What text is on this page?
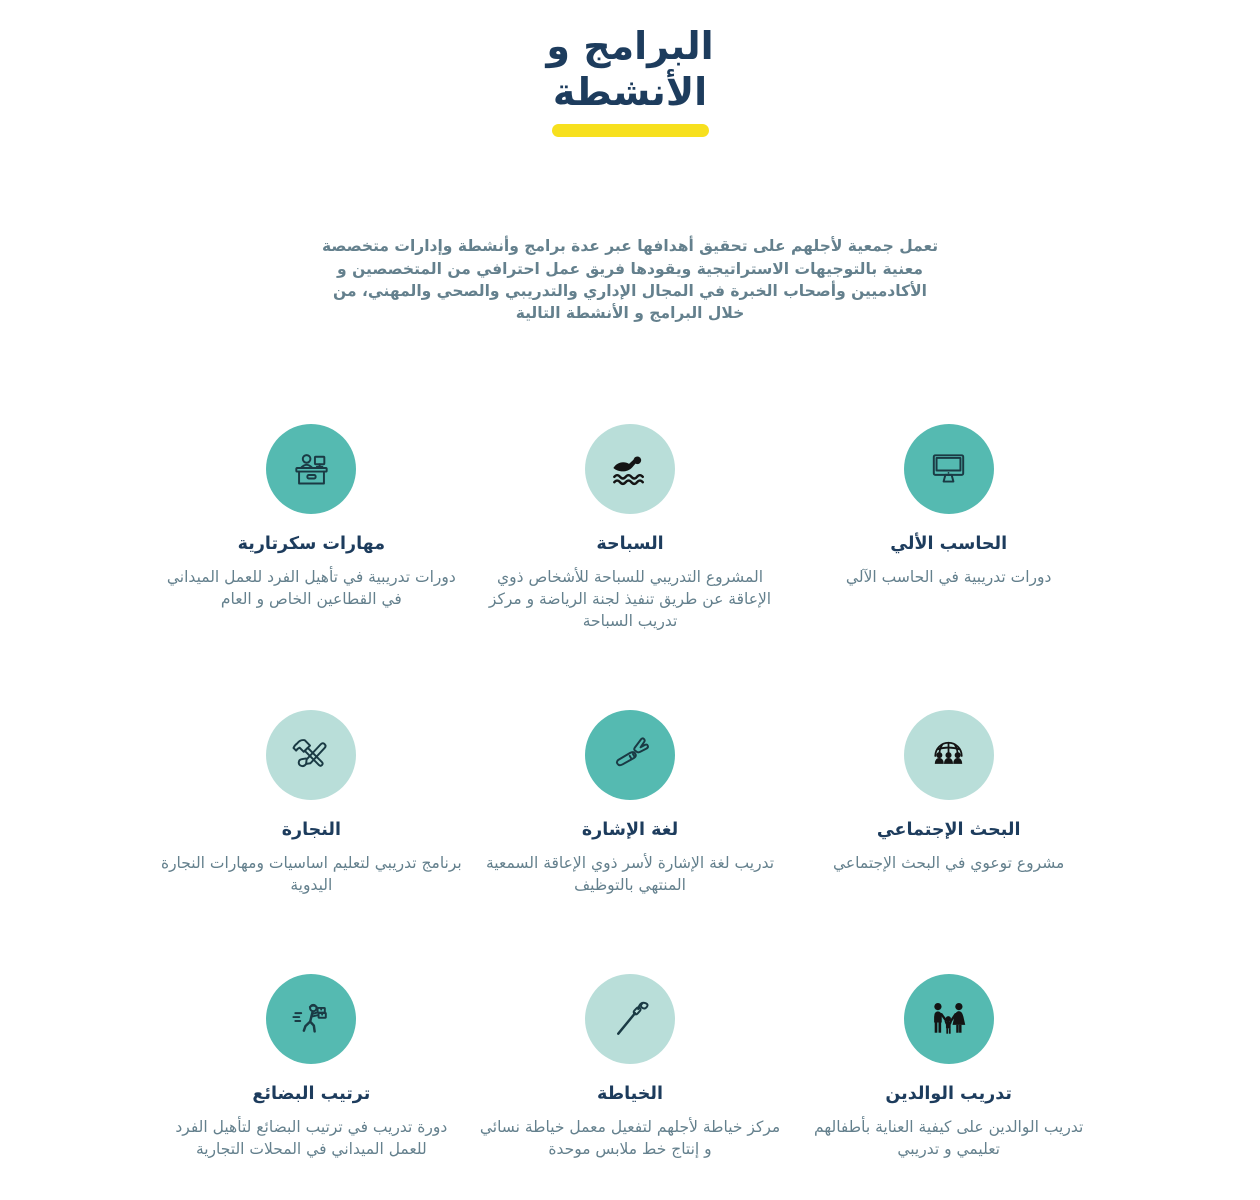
البرامج و
الأنشطة

تعمل جمعية لأجلهم على تحقيق أهدافها عبر عدة برامج وأنشطة وإدارات متخصصة معنية بالتوجيهات الاستراتيجية ويقودها فريق عمل احترافي من المتخصصين و الأكادميين وأصحاب الخبرة في المجال الإداري والتدريبي والصحي والمهني، من خلال البرامج و الأنشطة التالية

الحاسب الألي

دورات تدريبية في الحاسب الآلي

السباحة

المشروع التدريبي للسباحة للأشخاص ذوي الإعاقة عن طريق تنفيذ لجنة الرياضة و مركز تدريب السباحة

مهارات سكرتارية

دورات تدريبية في تأهيل الفرد للعمل الميداني في القطاعين الخاص و العام

البحث الإجتماعي

مشروع توعوي في البحث الإجتماعي

لغة الإشارة

تدريب لغة الإشارة لأسر ذوي الإعاقة السمعية المنتهي بالتوظيف

النجارة

برنامج تدريبي لتعليم اساسيات ومهارات النجارة اليدوية

تدريب الوالدين

تدريب الوالدين على كيفية العناية بأطفالهم تعليمي و تدريبي

الخياطة

مركز خياطة لأجلهم لتفعيل معمل خياطة نسائي و إنتاج خط ملابس موحدة

ترتيب البضائع

دورة تدريب في ترتيب البضائع لتأهيل الفرد للعمل الميداني في المحلات التجارية
